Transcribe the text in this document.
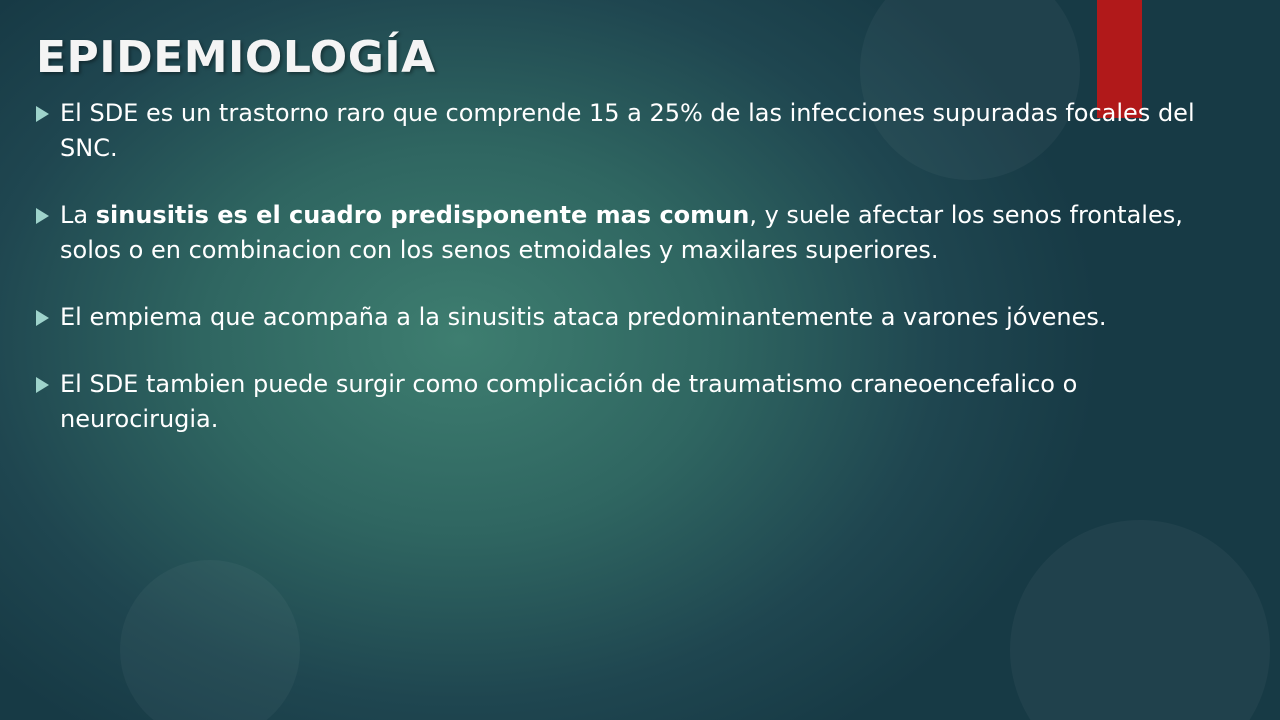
EPIDEMIOLOGÍA
El SDE es un trastorno raro que comprende 15 a 25% de las infecciones supuradas focales del SNC.
La sinusitis es el cuadro predisponente mas comun, y suele afectar los senos frontales, solos o en combinacion con los senos etmoidales y maxilares superiores.
El empiema que acompaña a la sinusitis ataca predominantemente a varones jóvenes.
El SDE tambien puede surgir como complicación de traumatismo craneoencefalico o neurocirugia.
